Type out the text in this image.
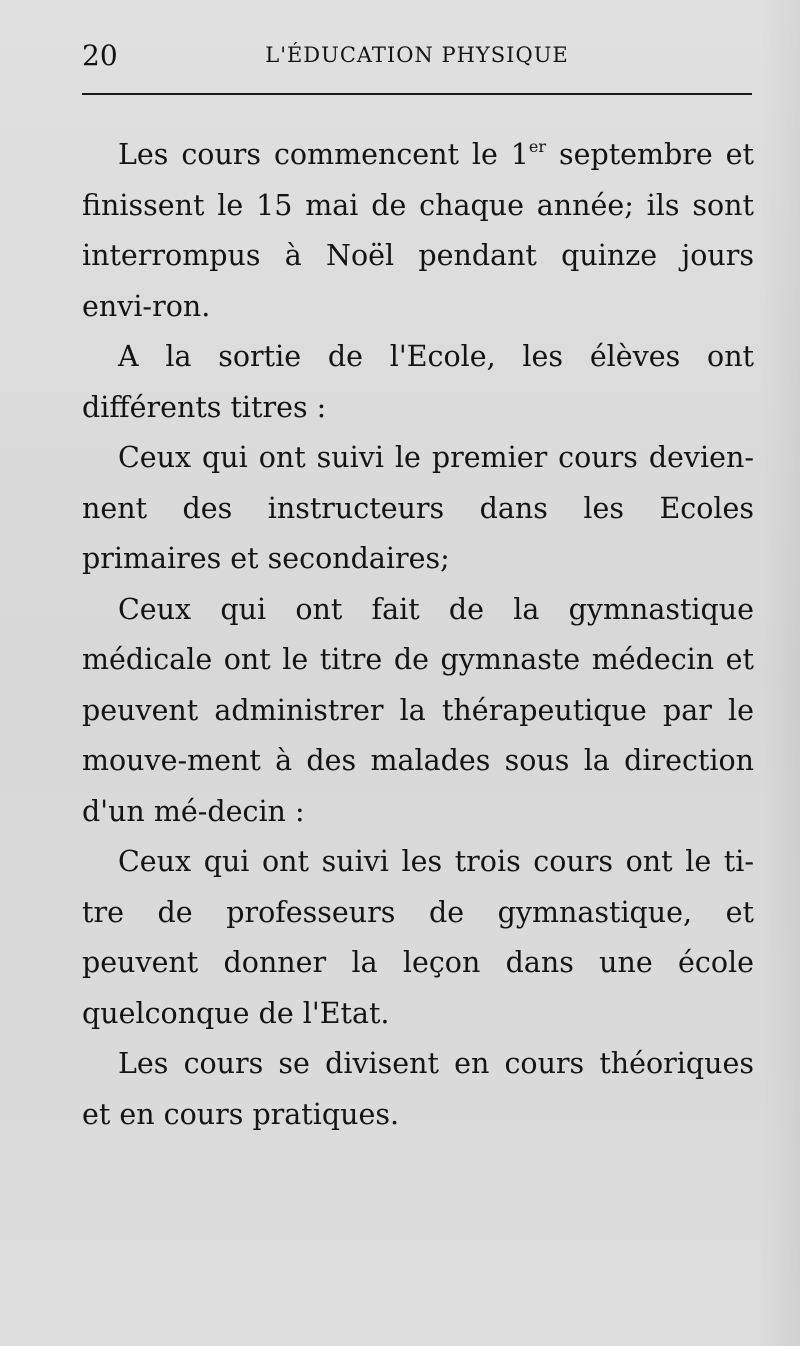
20	L'ÉDUCATION PHYSIQUE

Les cours commencent le 1er septembre et finissent le 15 mai de chaque année; ils sont interrompus à Noël pendant quinze jours envi-ron.

A la sortie de l'Ecole, les élèves ont différents titres :

Ceux qui ont suivi le premier cours devien-nent des instructeurs dans les Ecoles primaires et secondaires;

Ceux qui ont fait de la gymnastique médicale ont le titre de gymnaste médecin et peuvent administrer la thérapeutique par le mouve-ment à des malades sous la direction d'un mé-decin :

Ceux qui ont suivi les trois cours ont le ti-tre de professeurs de gymnastique, et peuvent donner la leçon dans une école quelconque de l'Etat.

Les cours se divisent en cours théoriques et en cours pratiques.
